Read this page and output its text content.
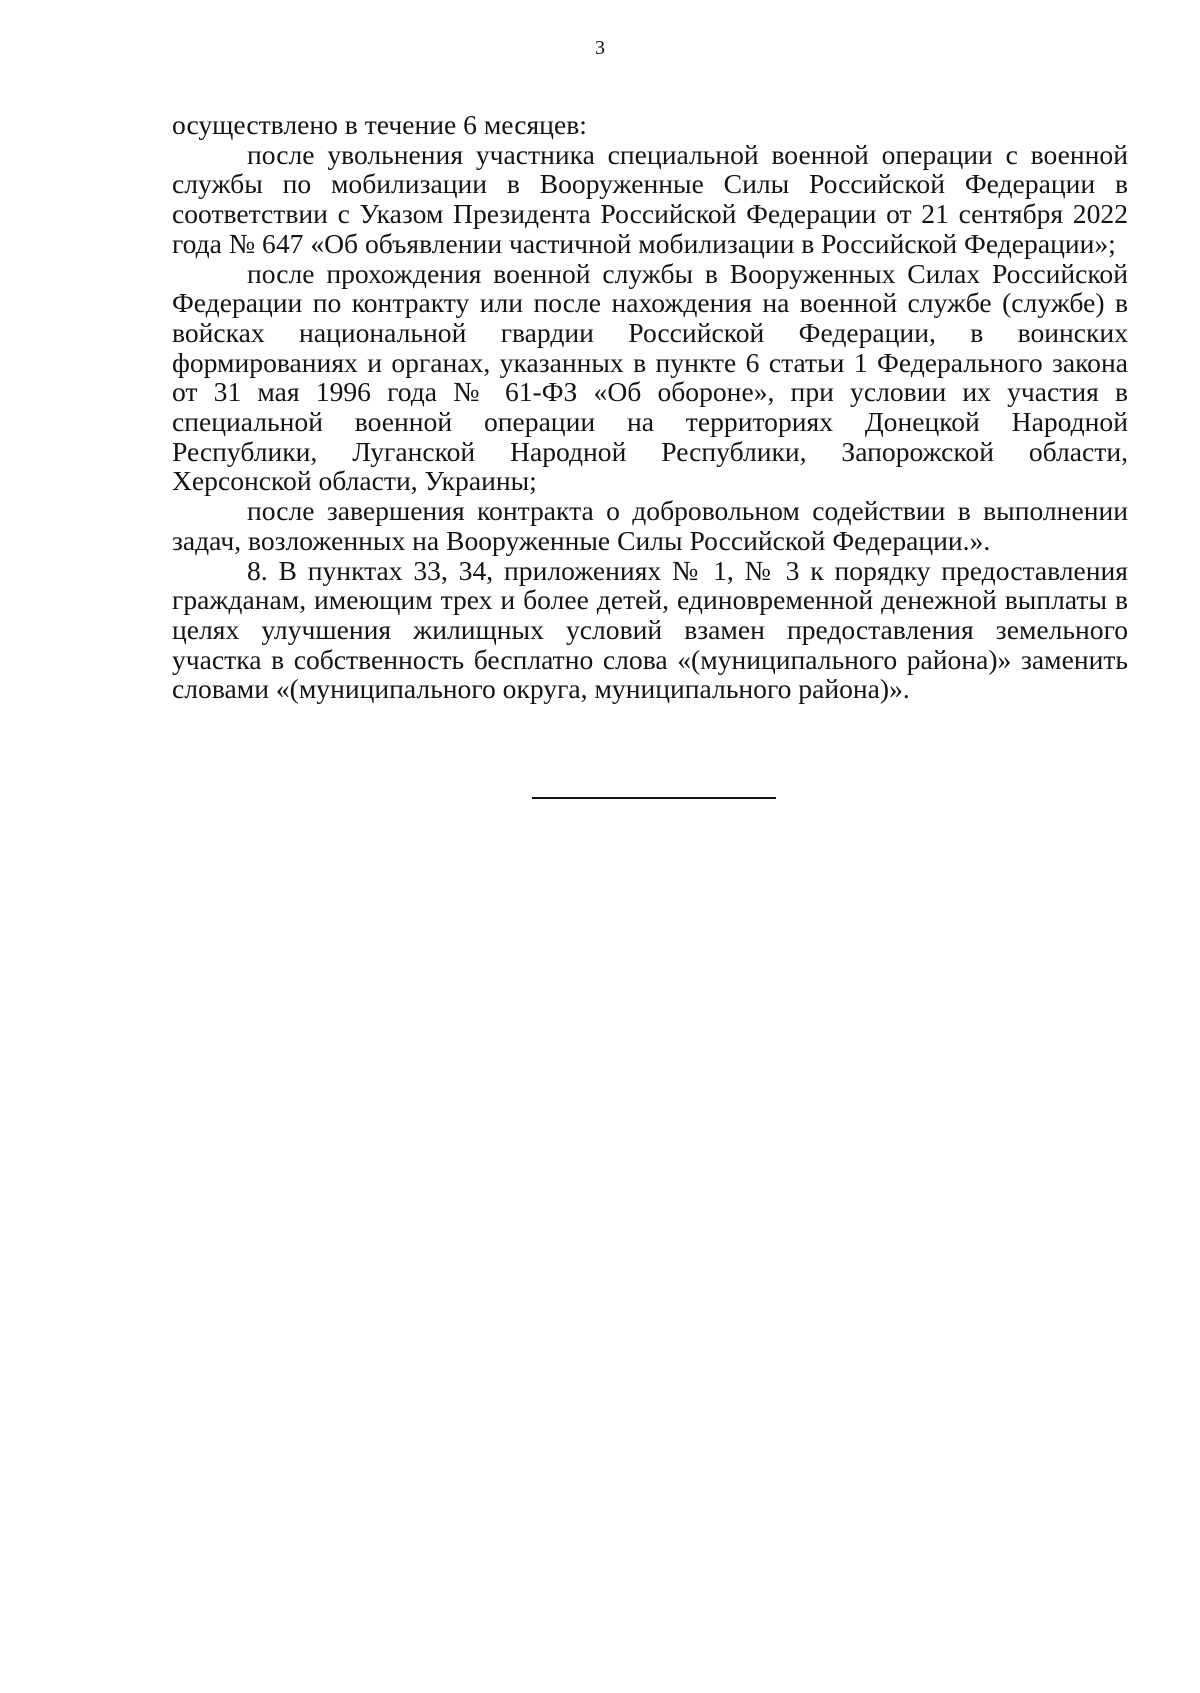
3

осуществлено в течение 6 месяцев:

после увольнения участника специальной военной операции с военной службы по мобилизации в Вооруженные Силы Российской Федерации в соответствии с Указом Президента Российской Федерации от 21 сентября 2022 года № 647 «Об объявлении частичной мобилизации в Российской Федерации»;

после прохождения военной службы в Вооруженных Силах Российской Федерации по контракту или после нахождения на военной службе (службе) в войсках национальной гвардии Российской Федерации, в воинских формированиях и органах, указанных в пункте 6 статьи 1 Федерального закона от 31 мая 1996 года № 61-ФЗ «Об обороне», при условии их участия в специальной военной операции на территориях Донецкой Народной Республики, Луганской Народной Республики, Запорожской области, Херсонской области, Украины;

после завершения контракта о добровольном содействии в выполнении задач, возложенных на Вооруженные Силы Российской Федерации.».

8. В пунктах 33, 34, приложениях № 1, № 3 к порядку предоставления гражданам, имеющим трех и более детей, единовременной денежной выплаты в целях улучшения жилищных условий взамен предоставления земельного участка в собственность бесплатно слова «(муниципального района)» заменить словами «(муниципального округа, муниципального района)».
